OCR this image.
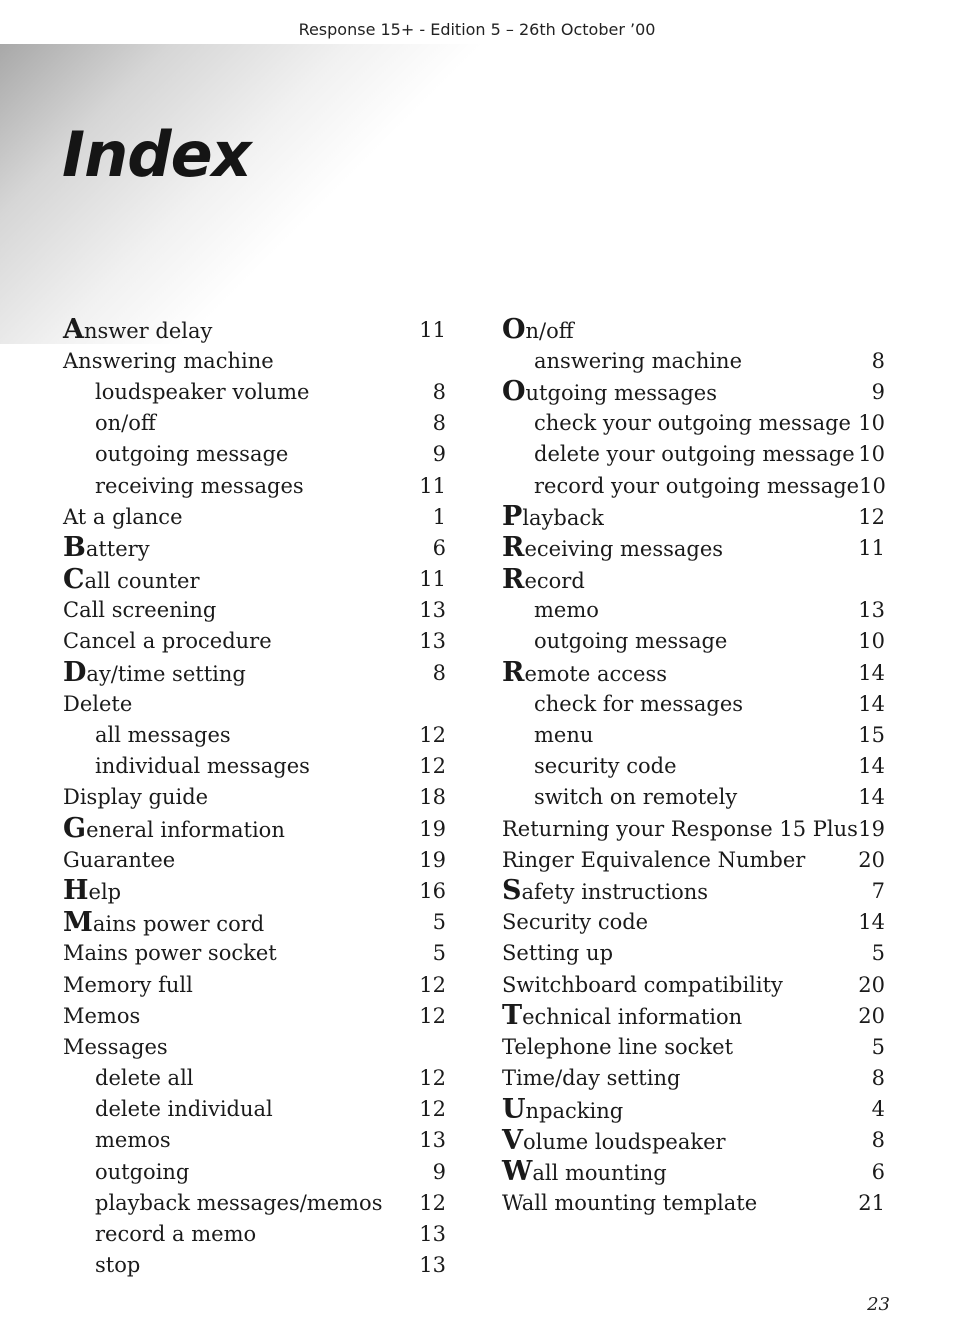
Response 15+ - Edition 5 – 26th October ’00
Index
Answer delay	11
Answering machine
loudspeaker volume	8
on/off	8
outgoing message	9
receiving messages	11
At a glance	1
Battery	6
Call counter	11
Call screening	13
Cancel a procedure	13
Day/time setting	8
Delete
all messages	12
individual messages	12
Display guide	18
General information	19
Guarantee	19
Help	16
Mains power cord	5
Mains power socket	5
Memory full	12
Memos	12
Messages
delete all	12
delete individual	12
memos	13
outgoing	9
playback messages/memos 12
record a memo	13
stop	13
On/off
answering machine	8
Outgoing messages	9
check your outgoing message 10
delete your outgoing message 10
record your outgoing message 10
Playback	12
Receiving messages	11
Record
memo	13
outgoing message	10
Remote access	14
check for messages	14
menu	15
security code	14
switch on remotely	14
Returning your Response 15 Plus 19
Ringer Equivalence Number	20
Safety instructions	7
Security code	14
Setting up	5
Switchboard compatibility	20
Technical information	20
Telephone line socket	5
Time/day setting	8
Unpacking	4
Volume loudspeaker	8
Wall mounting	6
Wall mounting template	21
23
